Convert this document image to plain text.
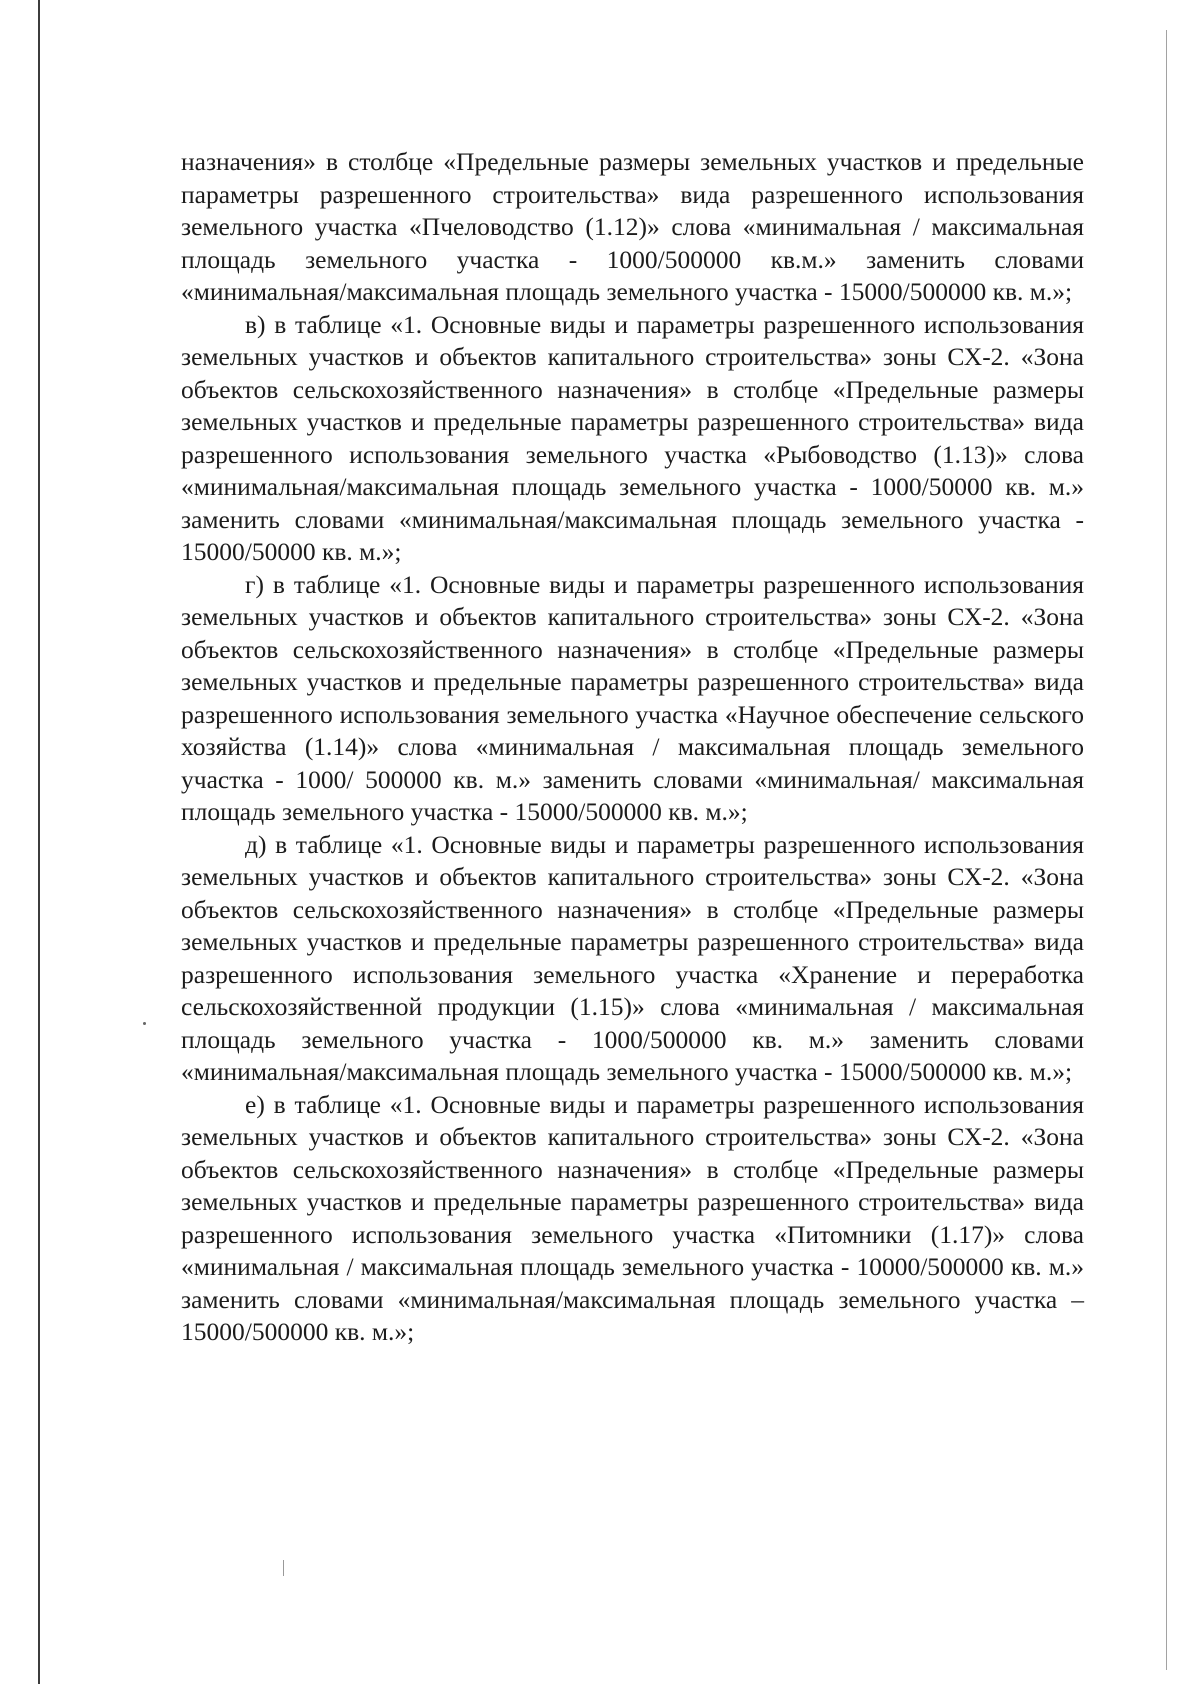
назначения» в столбце «Предельные размеры земельных участков и предельные параметры разрешенного строительства» вида разрешенного использования земельного участка «Пчеловодство (1.12)» слова «минимальная / максимальная площадь земельного участка - 1000/500000 кв.м.» заменить словами «минимальная/максимальная площадь земельного участка - 15000/500000 кв. м.»;

в) в таблице «1. Основные виды и параметры разрешенного использования земельных участков и объектов капитального строительства» зоны СХ-2. «Зона объектов сельскохозяйственного назначения» в столбце «Предельные размеры земельных участков и предельные параметры разрешенного строительства» вида разрешенного использования земельного участка «Рыбоводство (1.13)» слова «минимальная/максимальная площадь земельного участка - 1000/50000 кв. м.» заменить словами «минимальная/максимальная площадь земельного участка - 15000/50000 кв. м.»;

г) в таблице «1. Основные виды и параметры разрешенного использования земельных участков и объектов капитального строительства» зоны СХ-2. «Зона объектов сельскохозяйственного назначения» в столбце «Предельные размеры земельных участков и предельные параметры разрешенного строительства» вида разрешенного использования земельного участка «Научное обеспечение сельского хозяйства (1.14)» слова «минимальная / максимальная площадь земельного участка - 1000/ 500000 кв. м.» заменить словами «минимальная/ максимальная площадь земельного участка - 15000/500000 кв. м.»;

д) в таблице «1. Основные виды и параметры разрешенного использования земельных участков и объектов капитального строительства» зоны СХ-2. «Зона объектов сельскохозяйственного назначения» в столбце «Предельные размеры земельных участков и предельные параметры разрешенного строительства» вида разрешенного использования земельного участка «Хранение и переработка сельскохозяйственной продукции (1.15)» слова «минимальная / максимальная площадь земельного участка - 1000/500000 кв. м.» заменить словами «минимальная/максимальная площадь земельного участка - 15000/500000 кв. м.»;

е) в таблице «1. Основные виды и параметры разрешенного использования земельных участков и объектов капитального строительства» зоны СХ-2. «Зона объектов сельскохозяйственного назначения» в столбце «Предельные размеры земельных участков и предельные параметры разрешенного строительства» вида разрешенного использования земельного участка «Питомники (1.17)» слова «минимальная / максимальная площадь земельного участка - 10000/500000 кв. м.» заменить словами «минимальная/максимальная площадь земельного участка – 15000/500000 кв. м.»;
